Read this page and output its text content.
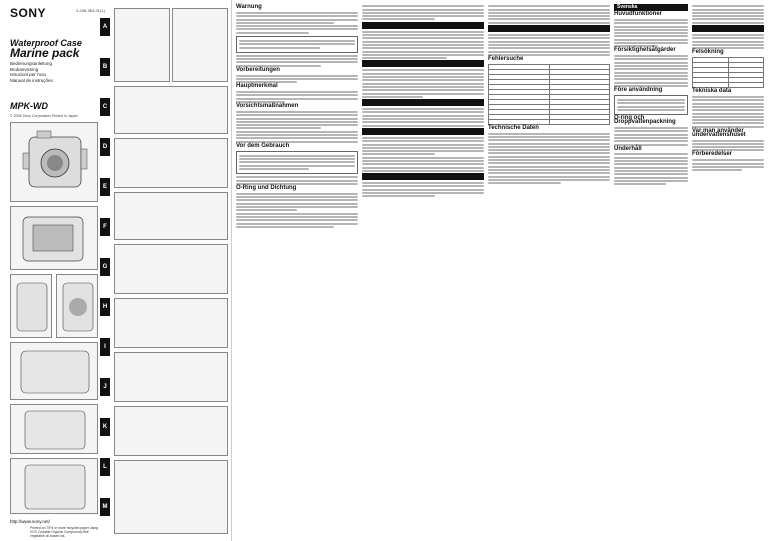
SONY	3-296-363-01(1)
Waterproof Case
Marine pack
Bedienungsanleitung
Brukanvisning
Istruzioni per l'uso
Manual de instruções
MPK-WD
© 2006 Sony Corporation Printed in Japan
http://www.sony.net/
Printed on 70% or more recycled paper using VOC (Volatile Organic Compound)-free vegetable oil based ink.
A
B
C
D
E
F
G
H
I
J
K
L
M
Warnung
Vorbereitungen
Hauptmerkmal
Vorsichtsmaßnahmen
Vor dem Gebrauch
O-Ring und Dichtung
Fehlersuche

Technische Daten
Svenska
Huvudfunktioner
Försiktighetsåtgärder
Före användning
O-ring och Droppvattenpackning
Underhåll
Felsökning

Tekniska data
Var man använder undervattenshuset
Förberedelser
